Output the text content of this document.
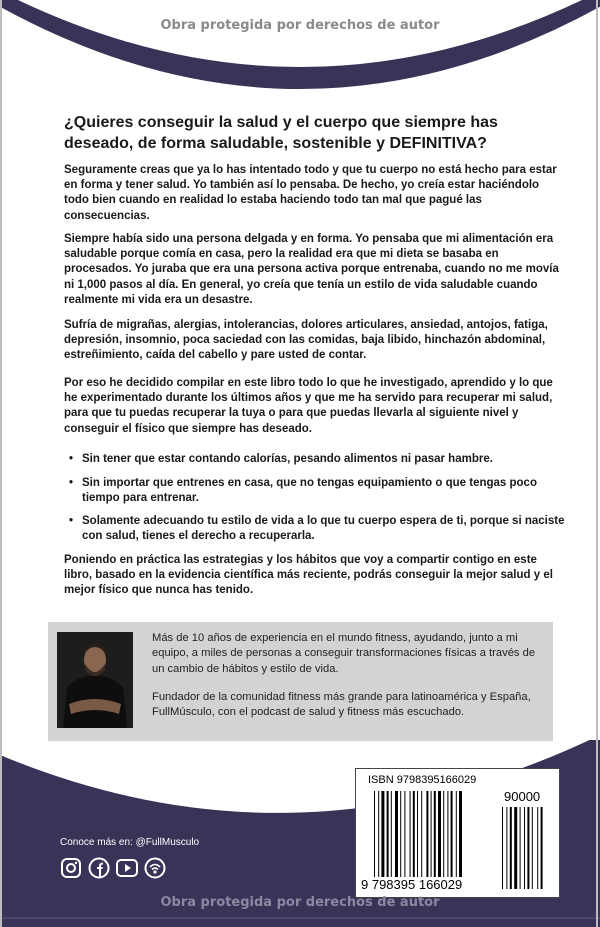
Obra protegida por derechos de autor
¿Quieres conseguir la salud y el cuerpo que siempre has deseado, de forma saludable, sostenible y DEFINITIVA?

Seguramente creas que ya lo has intentado todo y que tu cuerpo no está hecho para estar en forma y tener salud. Yo también así lo pensaba. De hecho, yo creía estar haciéndolo todo bien cuando en realidad lo estaba haciendo todo tan mal que pagué las consecuencias.

Siempre había sido una persona delgada y en forma. Yo pensaba que mi alimentación era saludable porque comía en casa, pero la realidad era que mi dieta se basaba en procesados. Yo juraba que era una persona activa porque entrenaba, cuando no me movía ni 1,000 pasos al día. En general, yo creía que tenía un estilo de vida saludable cuando realmente mi vida era un desastre.

Sufría de migrañas, alergias, intolerancias, dolores articulares, ansiedad, antojos, fatiga, depresión, insomnio, poca saciedad con las comidas, baja libido, hinchazón abdominal, estreñimiento, caída del cabello y pare usted de contar.

Por eso he decidido compilar en este libro todo lo que he investigado, aprendido y lo que he experimentado durante los últimos años y que me ha servido para recuperar mi salud, para que tu puedas recuperar la tuya o para que puedas llevarla al siguiente nivel y conseguir el físico que siempre has deseado.

• Sin tener que estar contando calorías, pesando alimentos ni pasar hambre.
• Sin importar que entrenes en casa, que no tengas equipamiento o que tengas poco tiempo para entrenar.
• Solamente adecuando tu estilo de vida a lo que tu cuerpo espera de ti, porque si naciste con salud, tienes el derecho a recuperarla.

Poniendo en práctica las estrategias y los hábitos que voy a compartir contigo en este libro, basado en la evidencia científica más reciente, podrás conseguir la mejor salud y el mejor físico que nunca has tenido.

Más de 10 años de experiencia en el mundo fitness, ayudando, junto a mi equipo, a miles de personas a conseguir transformaciones físicas a través de un cambio de hábitos y estilo de vida.
Fundador de la comunidad fitness más grande para latinoamérica y España, FullMúsculo, con el podcast de salud y fitness más escuchado.
Conoce más en: @FullMusculo
ISBN 9798395166029
90000
9 798395 166029
Obra protegida por derechos de autor
